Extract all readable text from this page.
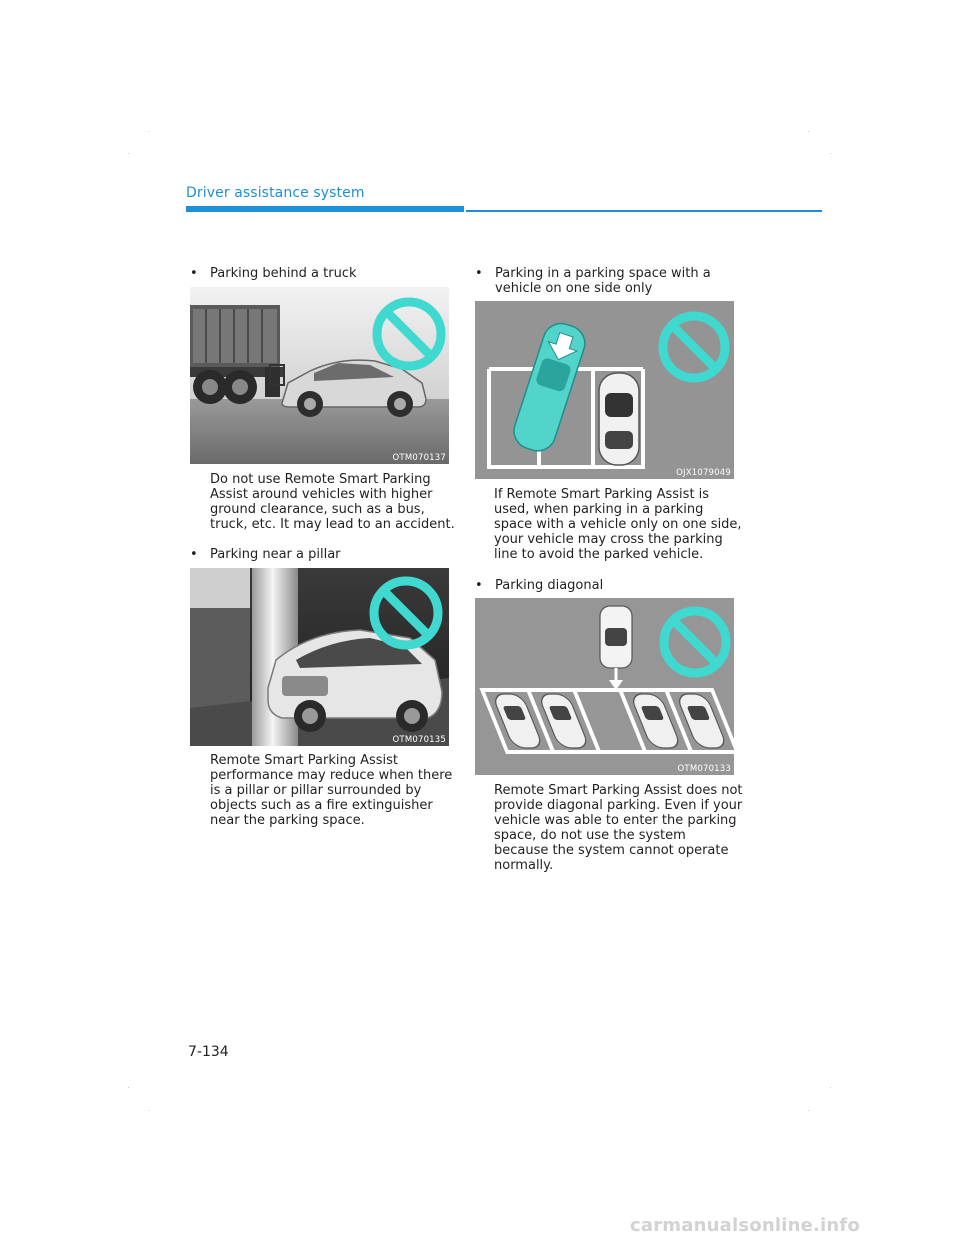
Driver assistance system
• Parking behind a truck
OTM070137
Do not use Remote Smart Parking Assist around vehicles with higher ground clearance, such as a bus, truck, etc. It may lead to an accident.
• Parking near a pillar
OTM070135
Remote Smart Parking Assist performance may reduce when there is a pillar or pillar surrounded by objects such as a fire extinguisher near the parking space.
• Parking in a parking space with a vehicle on one side only
OJX1079049
If Remote Smart Parking Assist is used, when parking in a parking space with a vehicle only on one side, your vehicle may cross the parking line to avoid the parked vehicle.
• Parking diagonal
OTM070133
Remote Smart Parking Assist does not provide diagonal parking. Even if your vehicle was able to enter the parking space, do not use the system because the system cannot operate normally.
7-134
carmanualsonline.info
